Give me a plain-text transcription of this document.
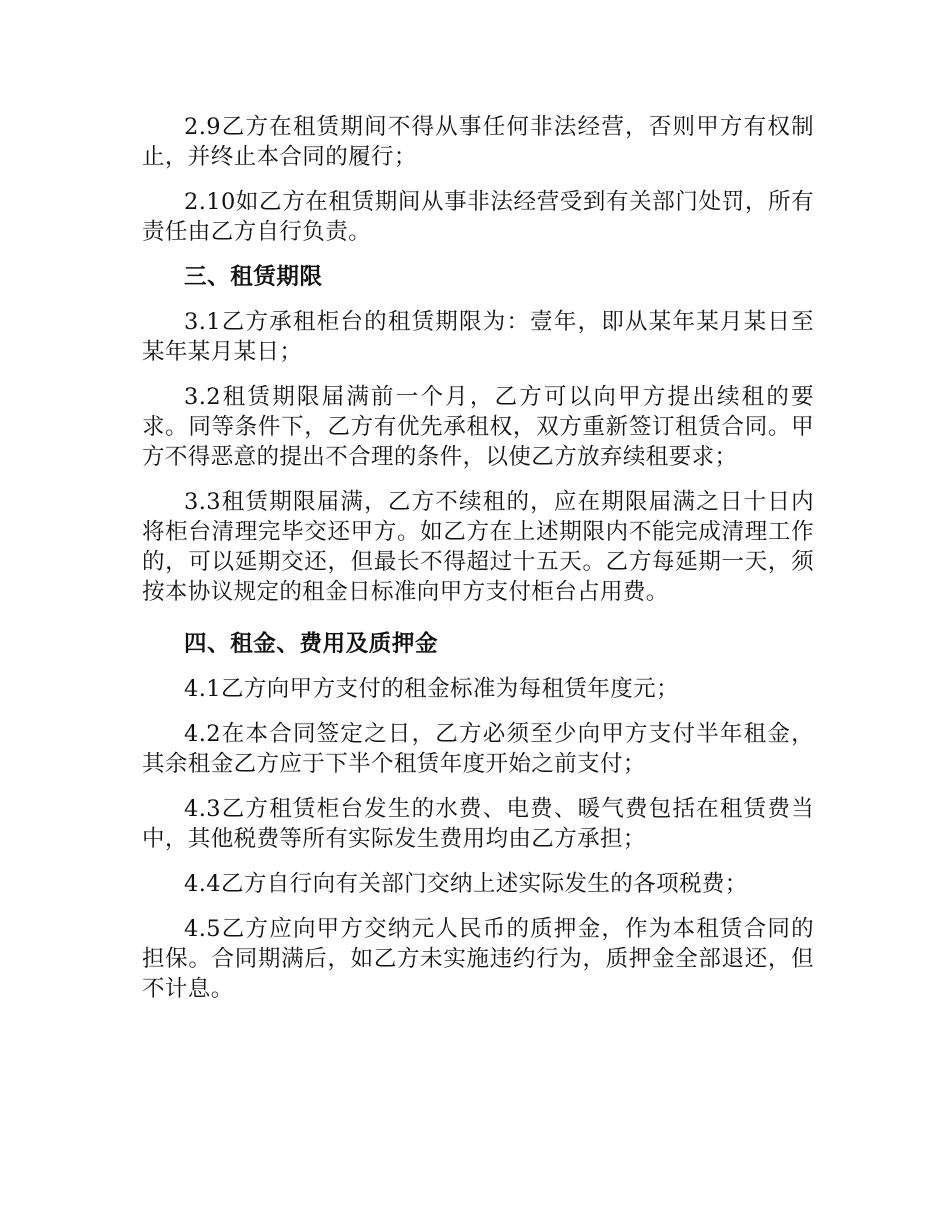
2.9乙方在租赁期间不得从事任何非法经营，否则甲方有权制止，并终止本合同的履行；

2.10如乙方在租赁期间从事非法经营受到有关部门处罚，所有责任由乙方自行负责。

三、租赁期限

3.1乙方承租柜台的租赁期限为：壹年，即从某年某月某日至某年某月某日；

3.2租赁期限届满前一个月，乙方可以向甲方提出续租的要求。同等条件下，乙方有优先承租权，双方重新签订租赁合同。甲方不得恶意的提出不合理的条件，以使乙方放弃续租要求；

3.3租赁期限届满，乙方不续租的，应在期限届满之日十日内将柜台清理完毕交还甲方。如乙方在上述期限内不能完成清理工作的，可以延期交还，但最长不得超过十五天。乙方每延期一天，须按本协议规定的租金日标准向甲方支付柜台占用费。

四、租金、费用及质押金

4.1乙方向甲方支付的租金标准为每租赁年度元；

4.2在本合同签定之日，乙方必须至少向甲方支付半年租金，其余租金乙方应于下半个租赁年度开始之前支付；

4.3乙方租赁柜台发生的水费、电费、暖气费包括在租赁费当中，其他税费等所有实际发生费用均由乙方承担；

4.4乙方自行向有关部门交纳上述实际发生的各项税费；

4.5乙方应向甲方交纳元人民币的质押金，作为本租赁合同的担保。合同期满后，如乙方未实施违约行为，质押金全部退还，但不计息。
